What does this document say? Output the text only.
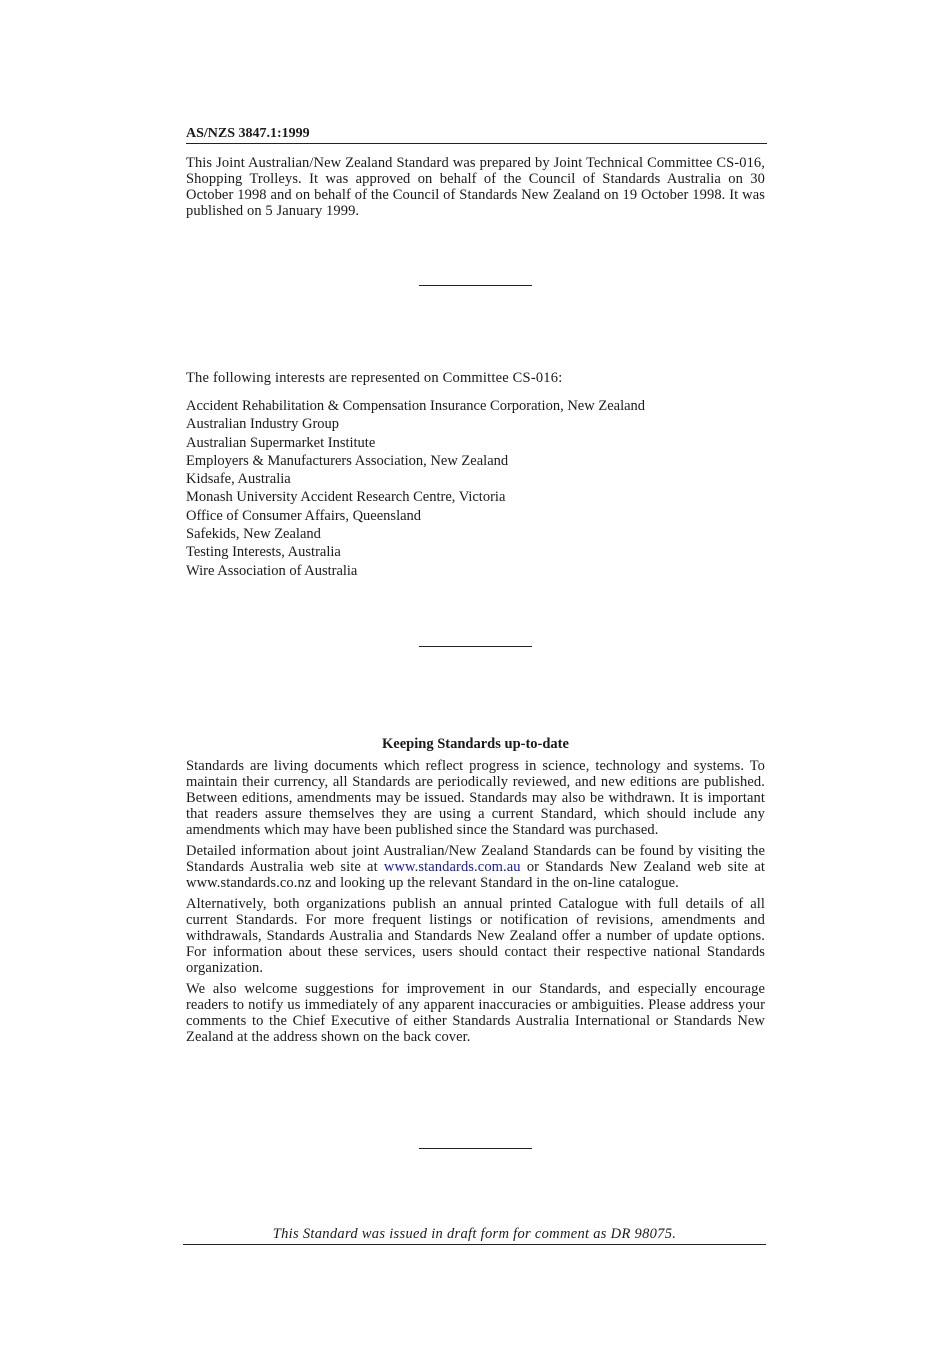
AS/NZS 3847.1:1999
This Joint Australian/New Zealand Standard was prepared by Joint Technical Committee CS-016, Shopping Trolleys. It was approved on behalf of the Council of Standards Australia on 30 October 1998 and on behalf of the Council of Standards New Zealand on 19 October 1998. It was published on 5 January 1999.
The following interests are represented on Committee CS-016:
Accident Rehabilitation & Compensation Insurance Corporation, New Zealand
Australian Industry Group
Australian Supermarket Institute
Employers & Manufacturers Association, New Zealand
Kidsafe, Australia
Monash University Accident Research Centre, Victoria
Office of Consumer Affairs, Queensland
Safekids, New Zealand
Testing Interests, Australia
Wire Association of Australia
Keeping Standards up-to-date

Standards are living documents which reflect progress in science, technology and systems. To maintain their currency, all Standards are periodically reviewed, and new editions are published. Between editions, amendments may be issued. Standards may also be withdrawn. It is important that readers assure themselves they are using a current Standard, which should include any amendments which may have been published since the Standard was purchased.

Detailed information about joint Australian/New Zealand Standards can be found by visiting the Standards Australia web site at www.standards.com.au or Standards New Zealand web site at www.standards.co.nz and looking up the relevant Standard in the on-line catalogue.

Alternatively, both organizations publish an annual printed Catalogue with full details of all current Standards. For more frequent listings or notification of revisions, amendments and withdrawals, Standards Australia and Standards New Zealand offer a number of update options. For information about these services, users should contact their respective national Standards organization.

We also welcome suggestions for improvement in our Standards, and especially encourage readers to notify us immediately of any apparent inaccuracies or ambiguities. Please address your comments to the Chief Executive of either Standards Australia International or Standards New Zealand at the address shown on the back cover.

This Standard was issued in draft form for comment as DR 98075.
